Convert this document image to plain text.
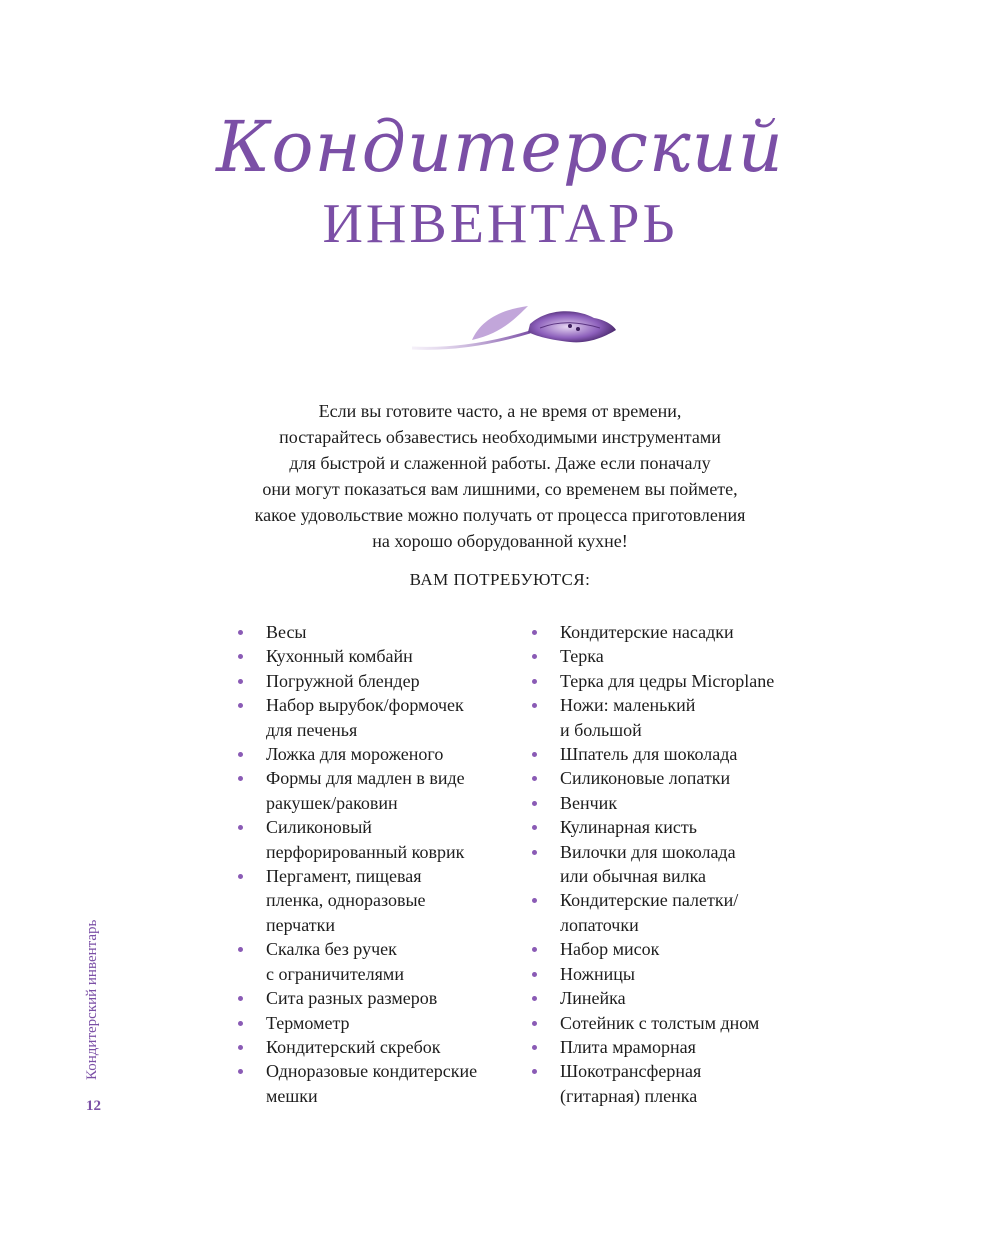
Кондитерский
ИНВЕНТАРЬ

Если вы готовите часто, а не время от времени,
постарайтесь обзавестись необходимыми инструментами
для быстрой и слаженной работы. Даже если поначалу
они могут показаться вам лишними, со временем вы поймете,
какое удовольствие можно получать от процесса приготовления
на хорошо оборудованной кухне!

ВАМ ПОТРЕБУЮТСЯ:
Весы
Кухонный комбайн
Погружной блендер
Набор вырубок/формочек
для печенья
Ложка для мороженого
Формы для мадлен в виде
ракушек/раковин
Силиконовый
перфорированный коврик
Пергамент, пищевая
пленка, одноразовые
перчатки
Скалка без ручек
с ограничителями
Сита разных размеров
Термометр
Кондитерский скребок
Одноразовые кондитерские
мешки
Кондитерские насадки
Терка
Терка для цедры Microplane
Ножи: маленький
и большой
Шпатель для шоколада
Силиконовые лопатки
Венчик
Кулинарная кисть
Вилочки для шоколада
или обычная вилка
Кондитерские палетки/
лопаточки
Набор мисок
Ножницы
Линейка
Сотейник с толстым дном
Плита мраморная
Шокотрансферная
(гитарная) пленка
Кондитерский инвентарь
12
